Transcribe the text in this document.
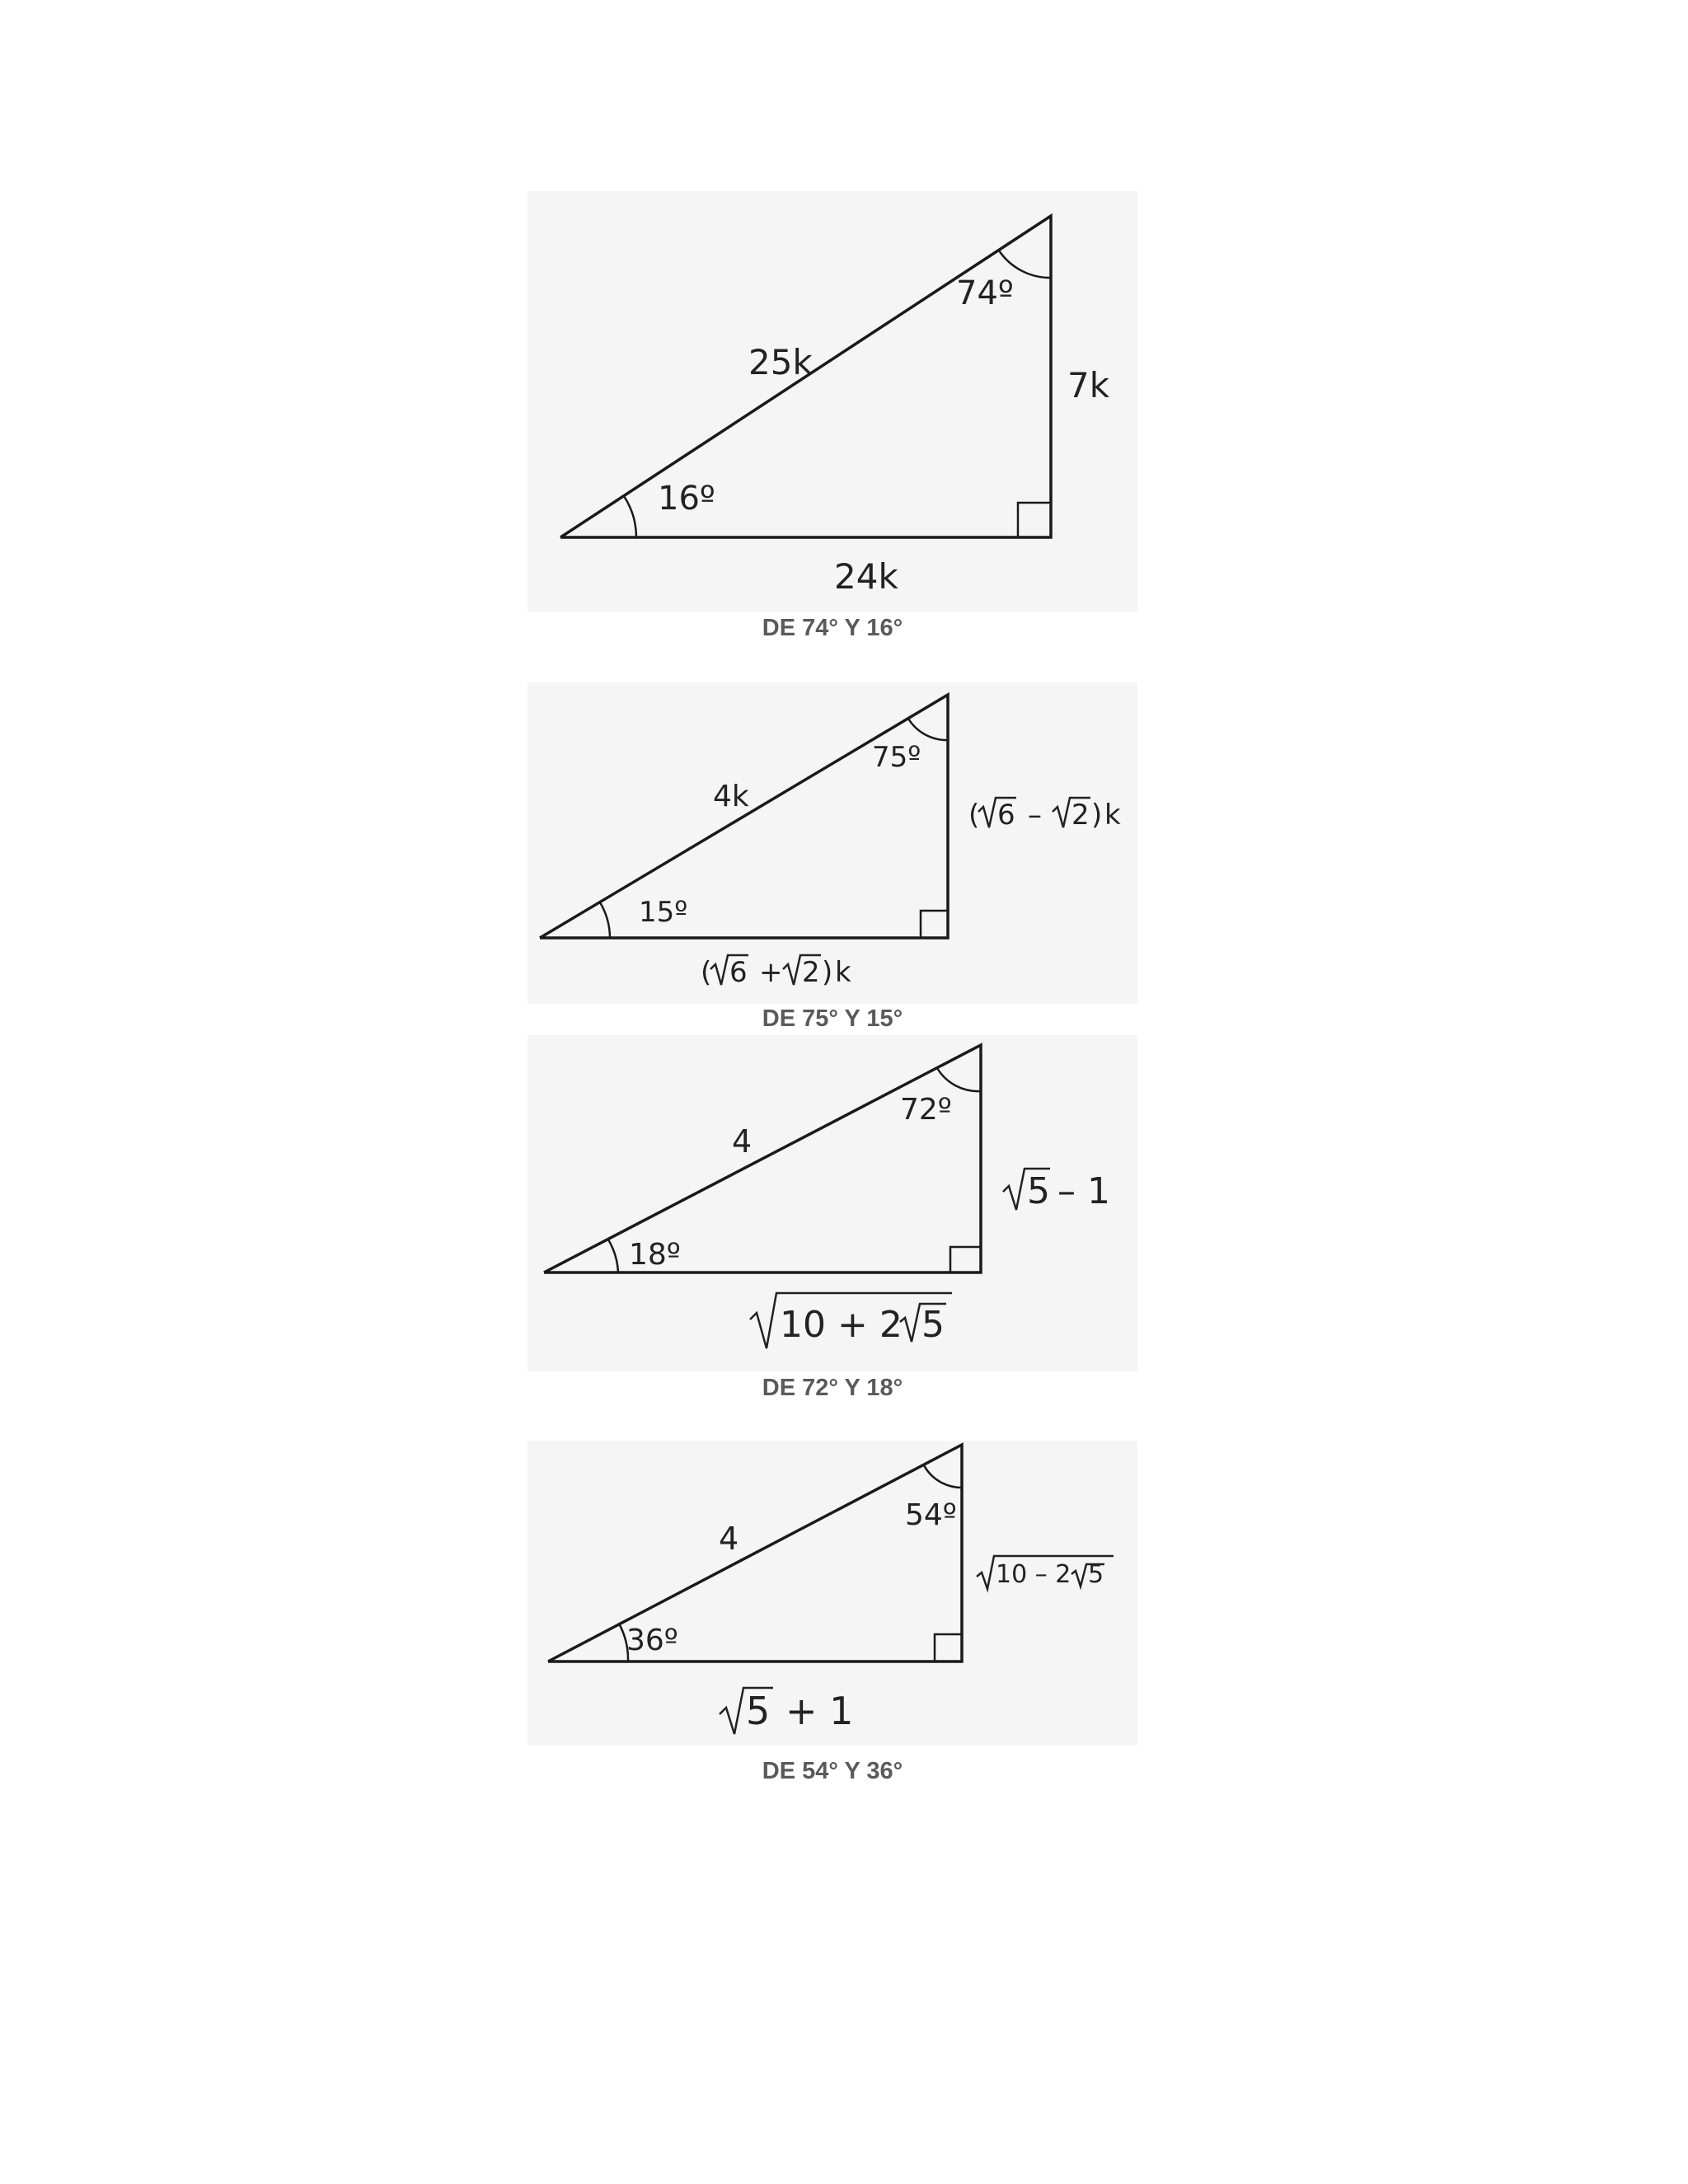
74º
16º
25k
7k
24k
DE 74° Y 16°
75º
15º
4k
( 6 – 2 ) k
( 6 + 2 ) k
DE 75° Y 15°
72º
18º
4
5 – 1
10 + 2 5
DE 72° Y 18°
54º
36º
4
10 – 2 5
5 + 1
DE 54° Y 36°
